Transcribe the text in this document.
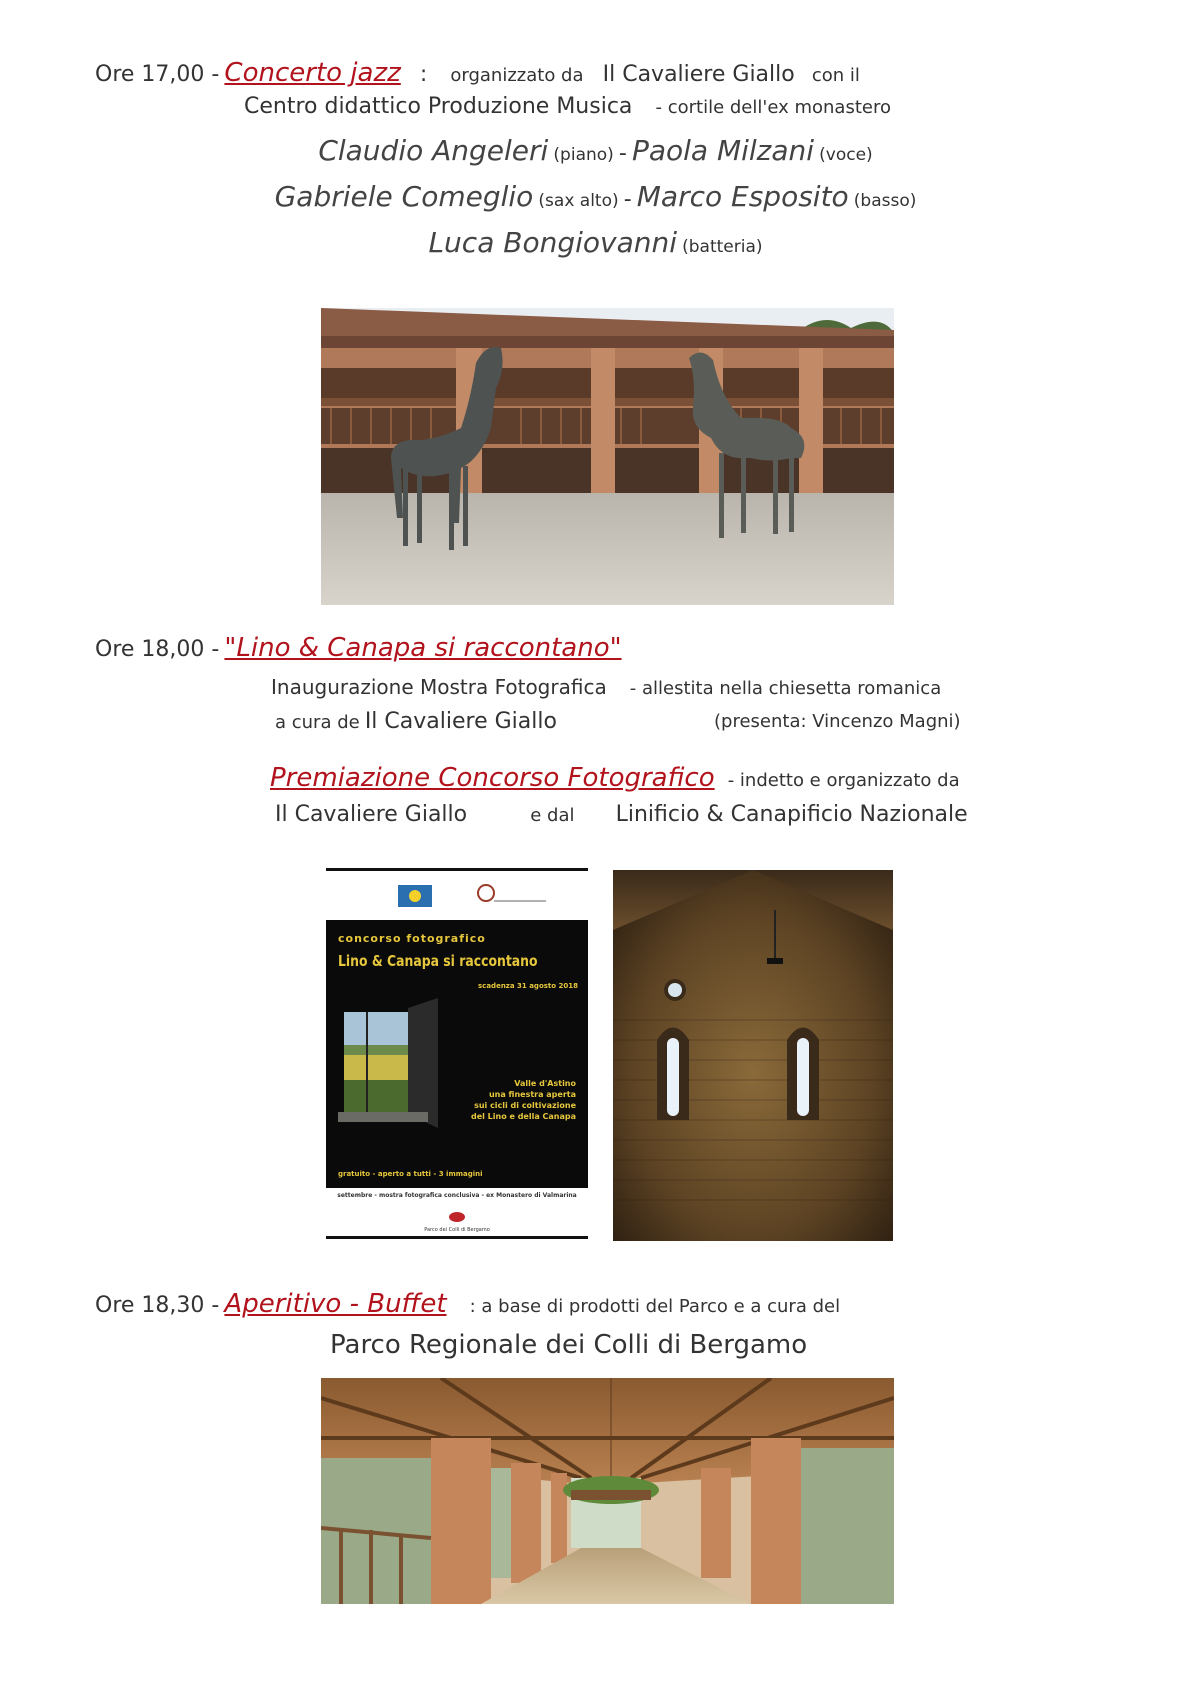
Ore 17,00 - Concerto jazz : organizzato da Il Cavaliere Giallo con il
Centro didattico Produzione Musica - cortile dell'ex monastero
Claudio Angeleri (piano) - Paola Milzani (voce)
Gabriele Comeglio (sax alto) - Marco Esposito (basso)
Luca Bongiovanni (batteria)
Ore 18,00 - "Lino & Canapa si raccontano"
Inaugurazione Mostra Fotografica - allestita nella chiesetta romanica
a cura de Il Cavaliere Giallo	(presenta: Vincenzo Magni)
Premiazione Concorso Fotografico - indetto e organizzato da
Il Cavaliere Giallo	e dal Linificio & Canapificio Nazionale
concorso fotografico
Lino & Canapa si raccontano
scadenza 31 agosto 2018
Valle d'Astino
una finestra aperta
sui cicli di coltivazione
del Lino e della Canapa
gratuito - aperto a tutti - 3 immagini
settembre - mostra fotografica conclusiva - ex Monastero di Valmarina
Parco dei Colli di Bergamo
Ore 18,30 - Aperitivo - Buffet : a base di prodotti del Parco e a cura del
Parco Regionale dei Colli di Bergamo
